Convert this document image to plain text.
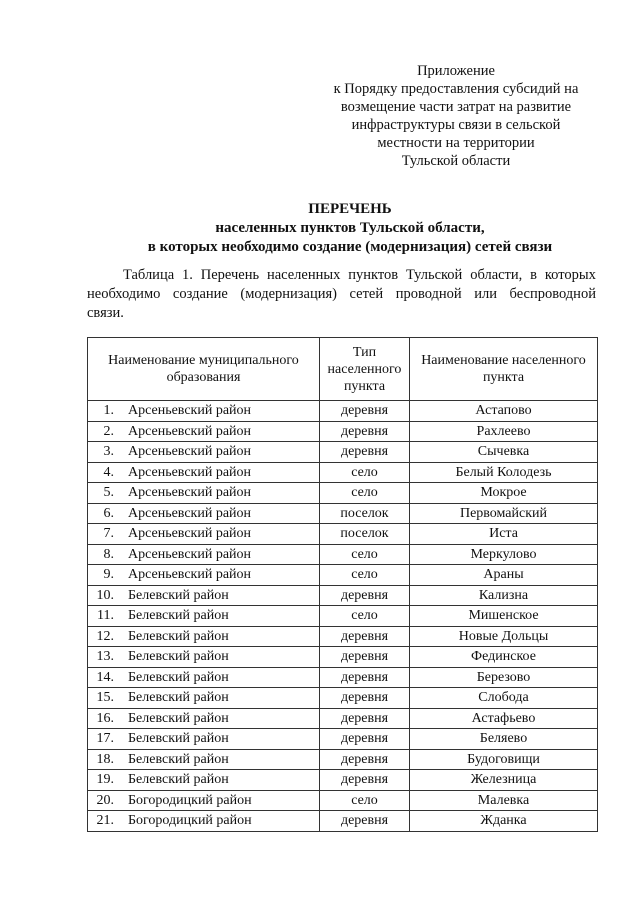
Приложение
к Порядку предоставления субсидий на
возмещение части затрат на развитие
инфраструктуры связи в сельской
местности на территории
Тульской области
ПЕРЕЧЕНЬ
населенных пунктов Тульской области,
в которых необходимо создание (модернизация) сетей связи
Таблица 1. Перечень населенных пунктов Тульской области, в которых
необходимо создание (модернизация) сетей проводной или беспроводной
связи.
Наименование муниципального образования	Тип населенного пункта	Наименование населенного пункта
1. Арсеньевский район	деревня	Астапово
2. Арсеньевский район	деревня	Рахлеево
3. Арсеньевский район	деревня	Сычевка
4. Арсеньевский район	село	Белый Колодезь
5. Арсеньевский район	село	Мокрое
6. Арсеньевский район	поселок	Первомайский
7. Арсеньевский район	поселок	Иста
8. Арсеньевский район	село	Меркулово
9. Арсеньевский район	село	Араны
10. Белевский район	деревня	Кализна
11. Белевский район	село	Мишенское
12. Белевский район	деревня	Новые Дольцы
13. Белевский район	деревня	Фединское
14. Белевский район	деревня	Березово
15. Белевский район	деревня	Слобода
16. Белевский район	деревня	Астафьево
17. Белевский район	деревня	Беляево
18. Белевский район	деревня	Будоговищи
19. Белевский район	деревня	Железница
20. Богородицкий район	село	Малевка
21. Богородицкий район	деревня	Жданка
